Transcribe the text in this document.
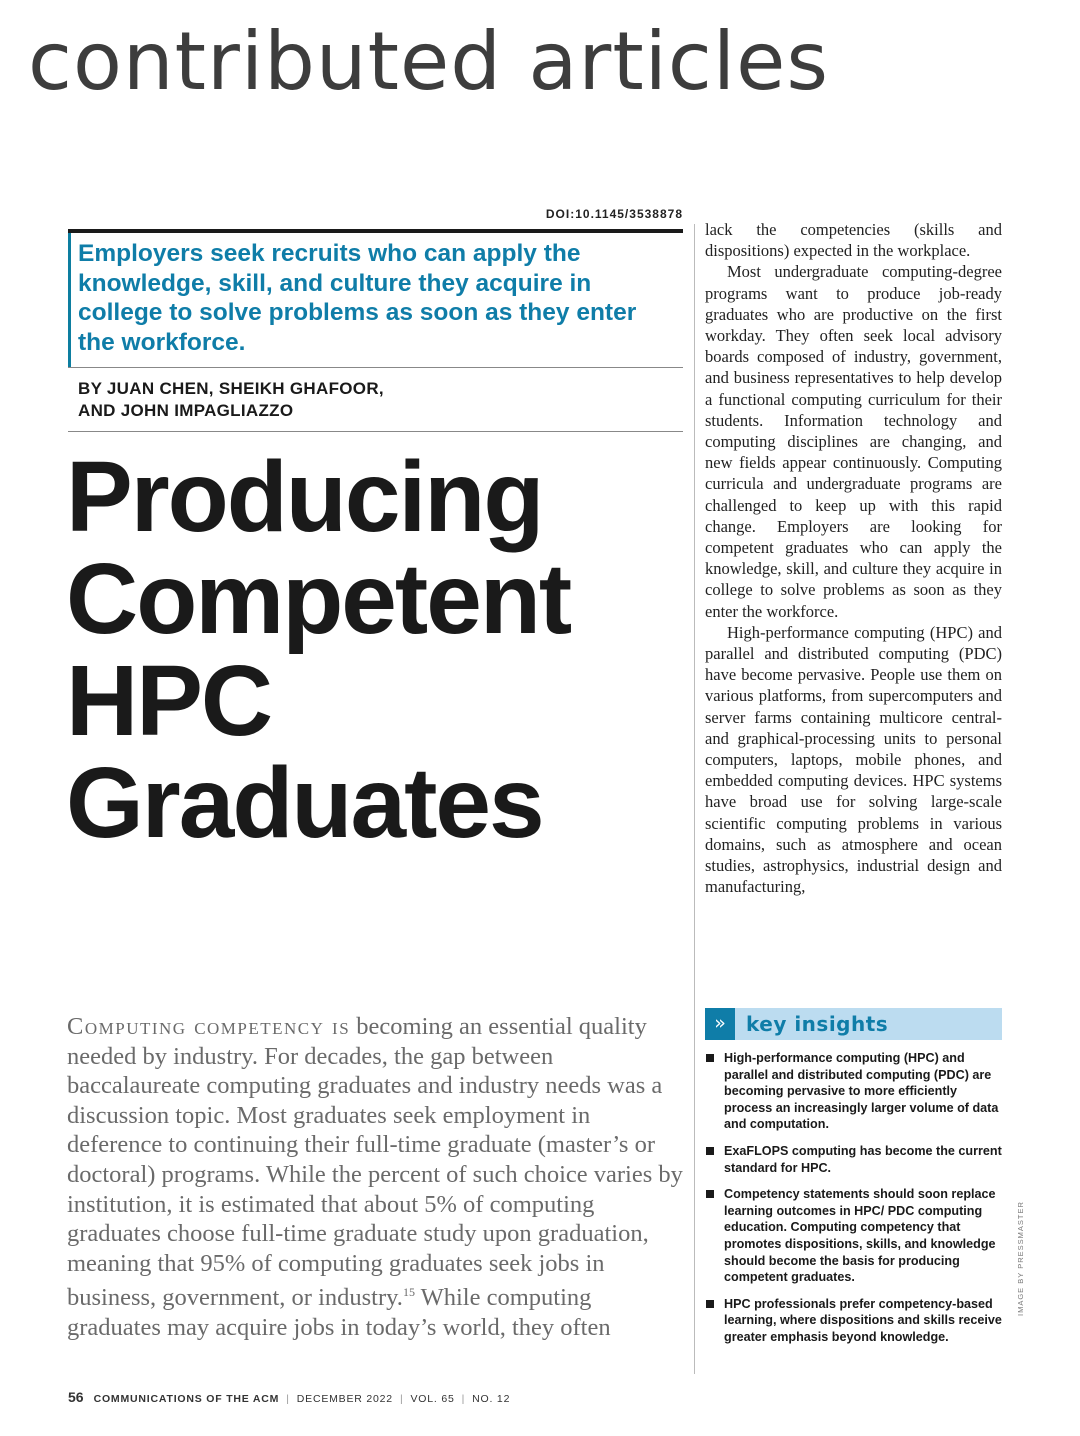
contributed articles
DOI:10.1145/3538878

Employers seek recruits who can apply the knowledge, skill, and culture they acquire in college to solve problems as soon as they enter the workforce.

BY JUAN CHEN, SHEIKH GHAFOOR,
AND JOHN IMPAGLIAZZO

Producing
Competent
HPC
Graduates

Computing competency is becoming an essential quality needed by industry. For decades, the gap between baccalaureate computing graduates and industry needs was a discussion topic. Most graduates seek employment in deference to continuing their full-time graduate (master’s or doctoral) programs. While the percent of such choice varies by institution, it is estimated that about 5% of computing graduates choose full-time graduate study upon graduation, meaning that 95% of computing graduates seek jobs in business, government, or industry.$^{15}$ While computing graduates may acquire jobs in today’s world, they often

lack the competencies (skills and dispositions) expected in the workplace.

Most undergraduate computing-degree programs want to produce job-ready graduates who are productive on the first workday. They often seek local advisory boards composed of industry, government, and business representatives to help develop a functional computing curriculum for their students. Information technology and computing disciplines are changing, and new fields appear continuously. Computing curricula and undergraduate programs are challenged to keep up with this rapid change. Employers are looking for competent graduates who can apply the knowledge, skill, and culture they acquire in college to solve problems as soon as they enter the workforce.

High-performance computing (HPC) and parallel and distributed computing (PDC) have become pervasive. People use them on various platforms, from supercomputers and server farms containing multicore central- and graphical-processing units to personal computers, laptops, mobile phones, and embedded computing devices. HPC systems have broad use for solving large-scale scientific computing problems in various domains, such as atmosphere and ocean studies, astrophysics, industrial design and manufacturing,

»	key insights
High-performance computing (HPC) and parallel and distributed computing (PDC) are becoming pervasive to more efficiently process an increasingly larger volume of data and computation.
ExaFLOPS computing has become the current standard for HPC.
Competency statements should soon replace learning outcomes in HPC/ PDC computing education. Computing competency that promotes dispositions, skills, and knowledge should become the basis for producing competent graduates.
HPC professionals prefer competency-based learning, where dispositions and skills receive greater emphasis beyond knowledge.
IMAGE BY PRESSMASTER
56 COMMUNICATIONS OF THE ACM | DECEMBER 2022 | VOL. 65 | NO. 12
